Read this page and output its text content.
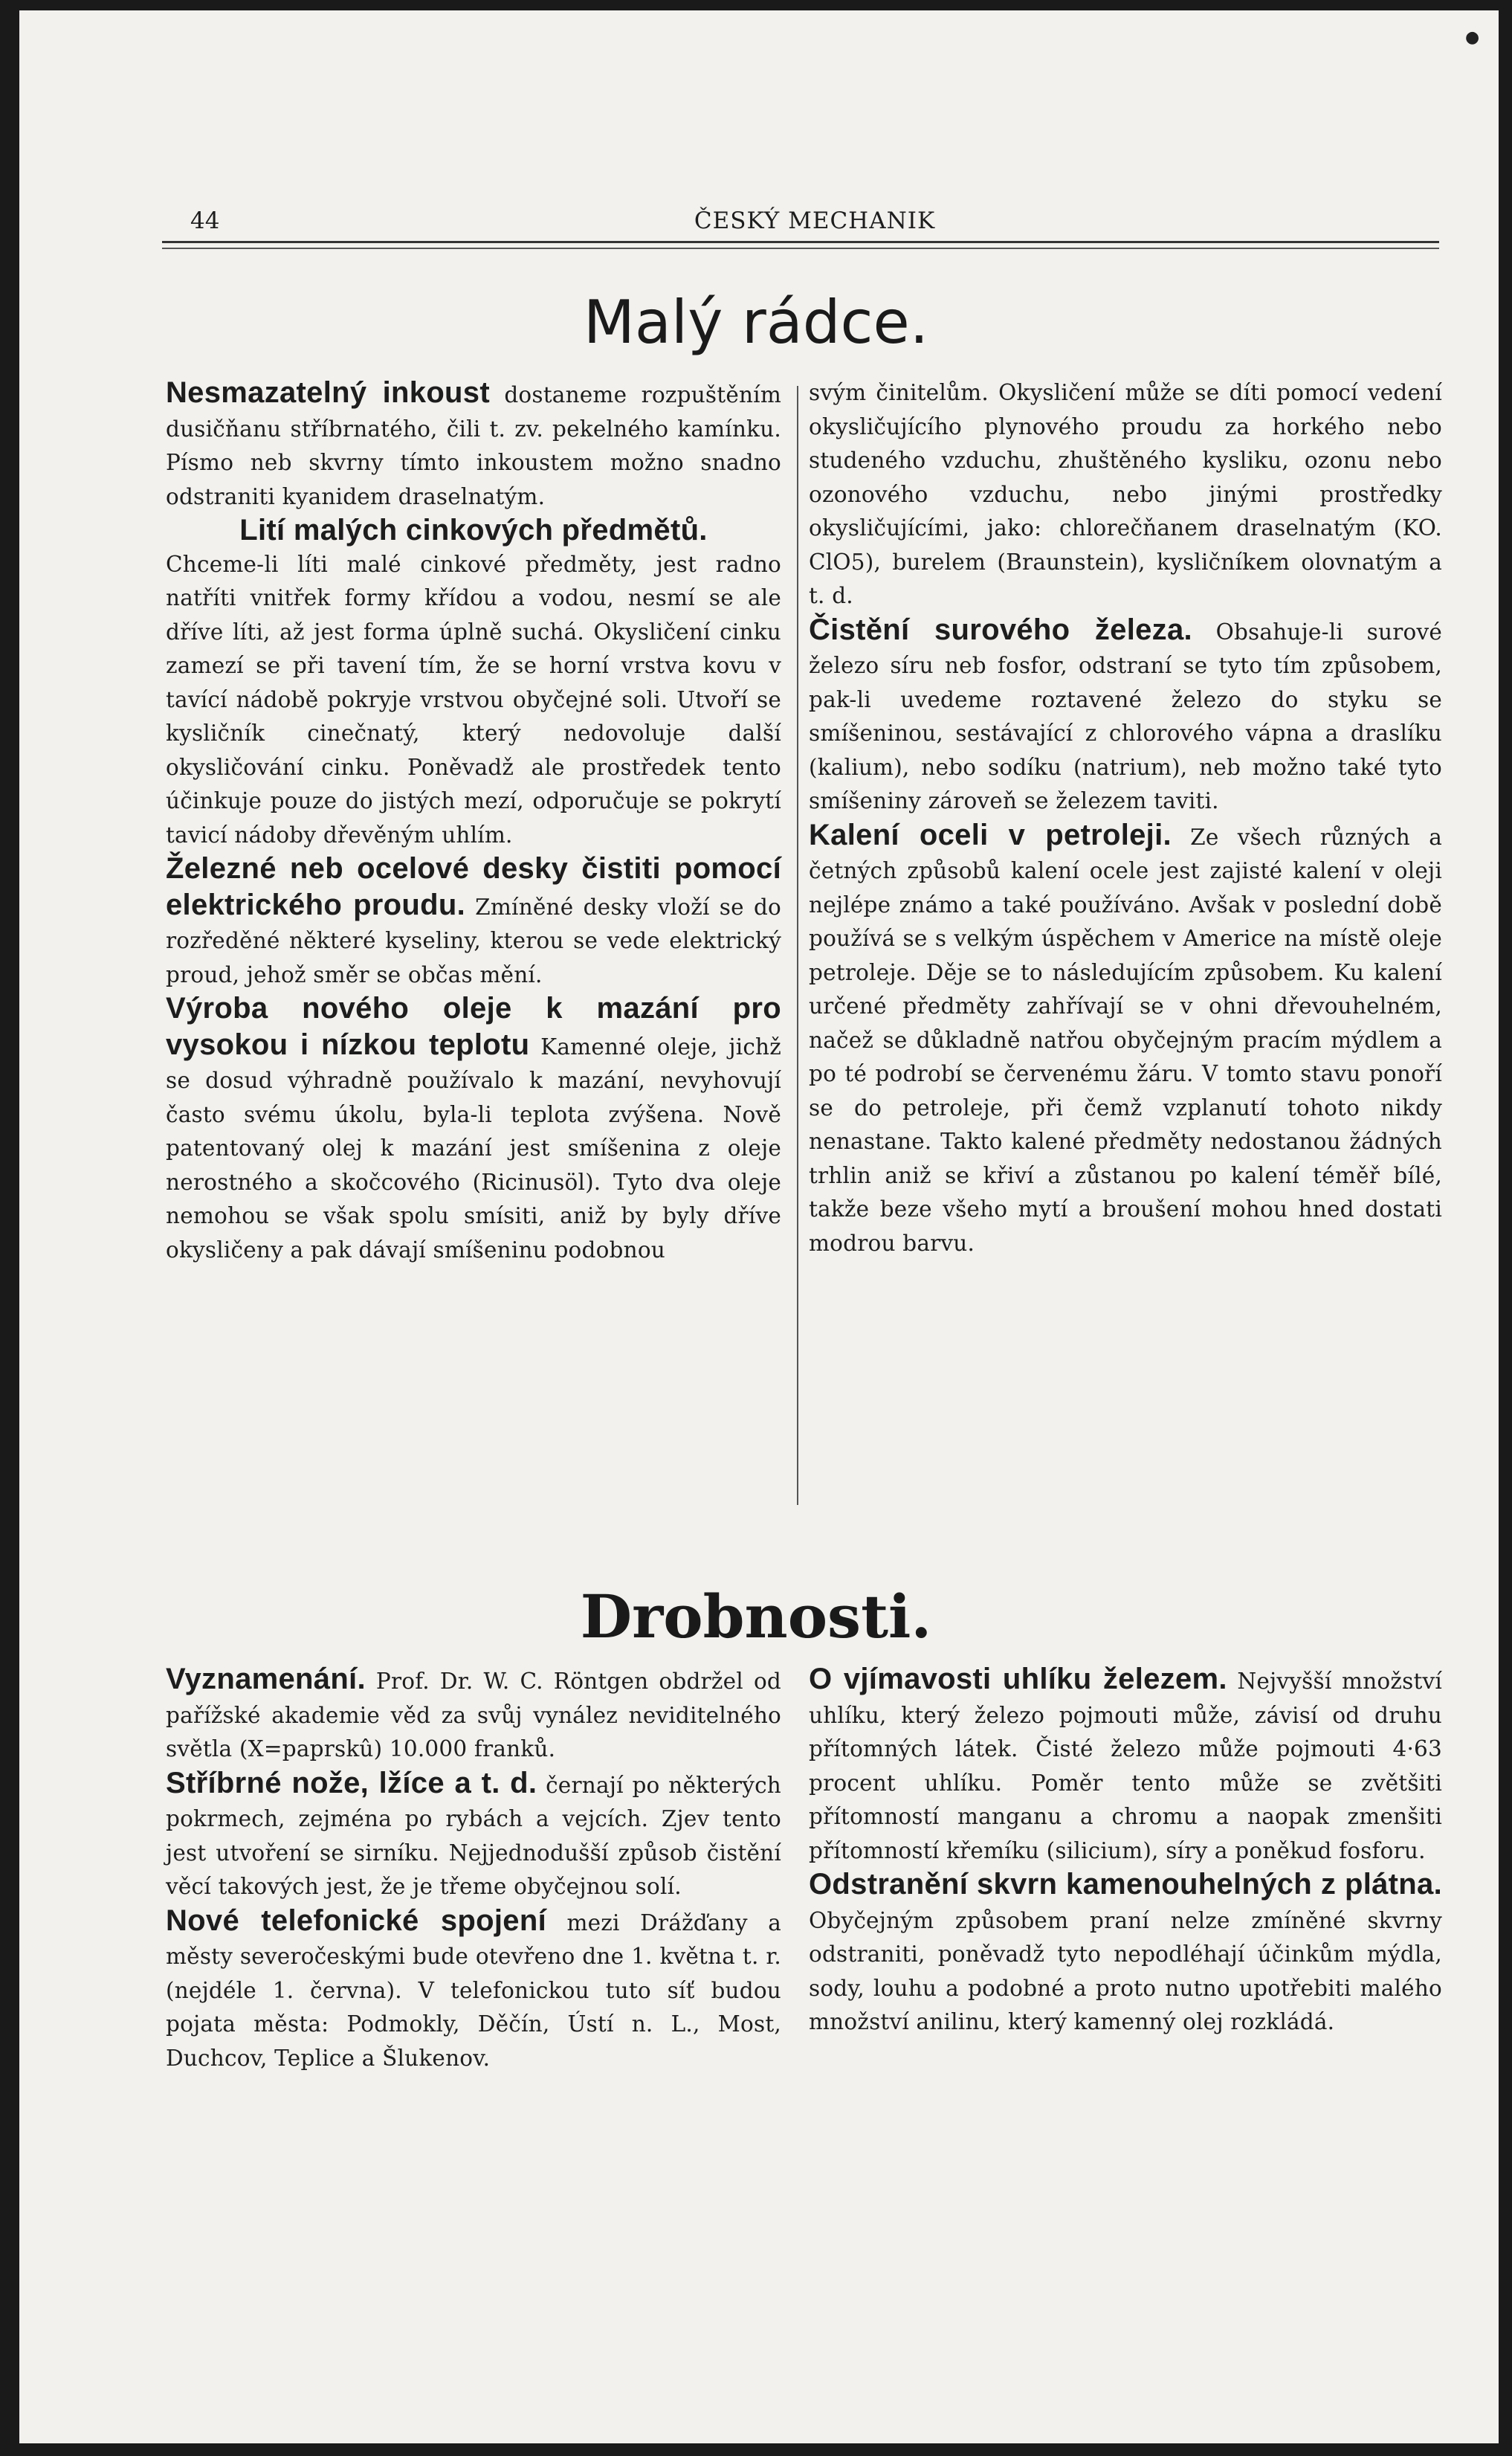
●
44	ČESKÝ MECHANIK
Malý rádce.

Nesmazatelný inkoust dostaneme rozpuštěním dusičňanu stříbrnatého, čili t. zv. pekelného kamínku. Písmo neb skvrny tímto inkoustem možno snadno odstraniti kyanidem draselnatým.

Lití malých cinkových předmětů.
Chceme-li líti malé cinkové předměty, jest radno natříti vnitřek formy křídou a vodou, nesmí se ale dříve líti, až jest forma úplně suchá. Okysličení cinku zamezí se při tavení tím, že se horní vrstva kovu v tavící nádobě pokryje vrstvou obyčejné soli. Utvoří se kysličník cinečnatý, který nedovoluje další okysličování cinku. Poněvadž ale prostředek tento účinkuje pouze do jistých mezí, odporučuje se pokrytí tavicí nádoby dřevěným uhlím.

Železné neb ocelové desky čistiti pomocí elektrického proudu. Zmíněné desky vloží se do rozředěné některé kyseliny, kterou se vede elektrický proud, jehož směr se občas mění.

Výroba nového oleje k mazání pro vysokou i nízkou teplotu Kamenné oleje, jichž se dosud výhradně používalo k mazání, nevyhovují často svému úkolu, byla-li teplota zvýšena. Nově patentovaný olej k mazání jest smíšenina z oleje nerostného a skočcového (Ricinusöl). Tyto dva oleje nemohou se však spolu smísiti, aniž by byly dříve okysličeny a pak dávají smíšeninu podobnou

svým činitelům. Okysličení může se díti pomocí vedení okysličujícího plynového proudu za horkého nebo studeného vzduchu, zhuštěného kysliku, ozonu nebo ozonového vzduchu, nebo jinými prostředky okysličujícími, jako: chlorečňanem draselnatým (KO. ClO5), burelem (Braunstein), kysličníkem olovnatým a t. d.

Čistění surového železa. Obsahuje-li surové železo síru neb fosfor, odstraní se tyto tím způsobem, pak-li uvedeme roztavené železo do styku se smíšeninou, sestávající z chlorového vápna a draslíku (kalium), nebo sodíku (natrium), neb možno také tyto smíšeniny zároveň se železem taviti.

Kalení oceli v petroleji. Ze všech různých a četných způsobů kalení ocele jest zajisté kalení v oleji nejlépe známo a také používáno. Avšak v poslední době používá se s velkým úspěchem v Americe na místě oleje petroleje. Děje se to následujícím způsobem. Ku kalení určené předměty zahřívají se v ohni dřevouhelném, načež se důkladně natřou obyčejným pracím mýdlem a po té podrobí se červenému žáru. V tomto stavu ponoří se do petroleje, při čemž vzplanutí tohoto nikdy nenastane. Takto kalené předměty nedostanou žádných trhlin aniž se křiví a zůstanou po kalení téměř bílé, takže beze všeho mytí a broušení mohou hned dostati modrou barvu.

Drobnosti.

Vyznamenání. Prof. Dr. W. C. Röntgen obdržel od pařížské akademie věd za svůj vynález neviditelného světla (X=paprskû) 10.000 franků.

Stříbrné nože, lžíce a t. d. černají po některých pokrmech, zejména po rybách a vejcích. Zjev tento jest utvoření se sirníku. Nejjednodušší způsob čistění věcí takových jest, že je třeme obyčejnou solí.

Nové telefonické spojení mezi Drážďany a městy severočeskými bude otevřeno dne 1. května t. r. (nejdéle 1. června). V telefonickou tuto síť budou pojata města: Podmokly, Děčín, Ústí n. L., Most, Duchcov, Teplice a Šlukenov.

O vjímavosti uhlíku železem. Nejvyšší množství uhlíku, který železo pojmouti může, závisí od druhu přítomných látek. Čisté železo může pojmouti 4·63 procent uhlíku. Poměr tento může se zvětšiti přítomností manganu a chromu a naopak zmenšiti přítomností křemíku (silicium), síry a poněkud fosforu.

Odstranění skvrn kamenouhelných z plátna. Obyčejným způsobem praní nelze zmíněné skvrny odstraniti, poněvadž tyto nepodléhají účinkům mýdla, sody, louhu a podobné a proto nutno upotřebiti malého množství anilinu, který kamenný olej rozkládá.
